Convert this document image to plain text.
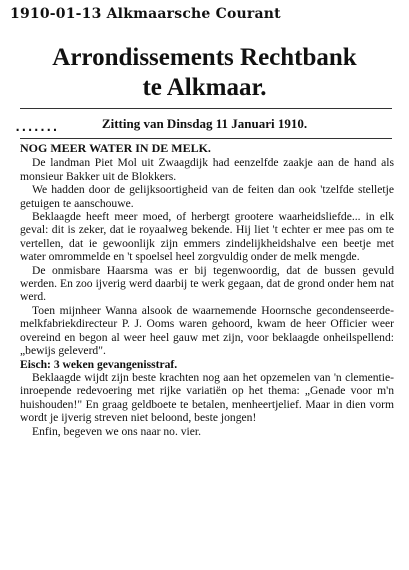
1910-01-13 Alkmaarsche Courant
Arrondissements Rechtbank
te Alkmaar.
Zitting van Dinsdag 11 Januari 1910.
.......

NOG MEER WATER IN DE MELK.

De landman Piet Mol uit Zwaagdijk had eenzelfde zaakje aan de hand als monsieur Bakker uit de Blokkers.

We hadden door de gelijksoortigheid van de feiten dan ook 'tzelfde stelletje getuigen te aanschouwe.

Beklaagde heeft meer moed, of herbergt grootere waarheidsliefde... in elk geval: dit is zeker, dat ie royaalweg bekende. Hij liet 't echter er mee pas om te vertellen, dat ie gewoonlijk zijn emmers zindelijkheidshalve een beetje met water omrommelde en 't spoelsel heel zorgvuldig onder de melk mengde.

De onmisbare Haarsma was er bij tegenwoordig, dat de bussen gevuld werden. En zoo ijverig werd daarbij te werk gegaan, dat de grond onder hem nat werd.

Toen mijnheer Wanna alsook de waarnemende Hoornsche gecondenseerde-melkfabriekdirecteur P. J. Ooms waren gehoord, kwam de heer Officier weer overeind en begon al weer heel gauw met zijn, voor beklaagde onheilspellend: „bewijs geleverd".

Eisch: 3 weken gevangenisstraf.

Beklaagde wijdt zijn beste krachten nog aan het opzemelen van 'n clementie-inroepende redevoering met rijke variatiën op het thema: „Genade voor m'n huishouden!" En graag geldboete te betalen, menheertjelief. Maar in dien vorm wordt je ijverig streven niet beloond, beste jongen!

Enfin, begeven we ons naar no. vier.
